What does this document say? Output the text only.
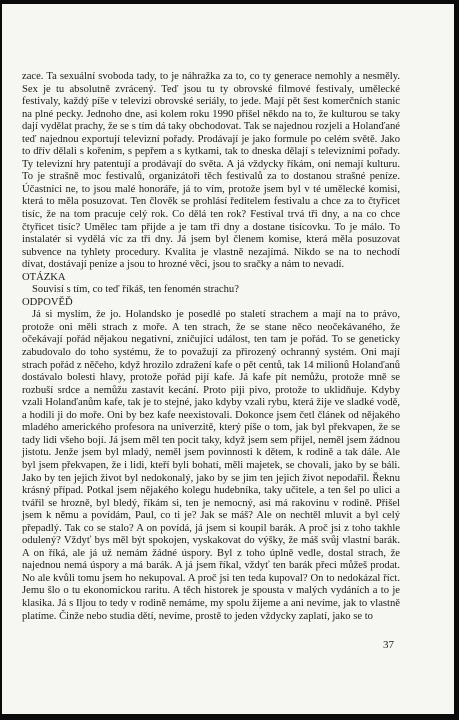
zace. Ta sexuální svoboda tady, to je náhražka za to, co ty generace nemohly a nesměly. Sex je tu absolutně zvrácený. Teď jsou tu ty obrovské filmové festivaly, umělecké festivaly, každý píše v televizi obrovské seriály, to jede. Mají pět šest komerčních stanic na plné pecky. Jednoho dne, asi kolem roku 1990 přišel někdo na to, že kulturou se taky dají vydělat prachy, že se s tím dá taky obchodovat. Tak se najednou rozjeli a Holanďané teď najednou exportují televizní pořady. Prodávají je jako formule po celém světě. Jako to dřív dělali s kořením, s pepřem a s kytkami, tak to dneska dělají s televizními pořady. Ty televizní hry patentují a prodávají do světa. A já vždycky říkám, oni nemají kulturu. To je strašně moc festivalů, organizátoři těch festivalů za to dostanou strašné peníze. Účastníci ne, to jsou malé honoráře, já to vím, protože jsem byl v té umělecké komisi, která to měla posuzovat. Ten člověk se prohlásí ředitelem festivalu a chce za to čtyřicet tisíc, že na tom pracuje celý rok. Co dělá ten rok? Festival trvá tři dny, a na co chce čtyřicet tisíc? Umělec tam přijde a je tam tři dny a dostane tisícovku. To je málo. To instalatér si vydělá víc za tři dny. Já jsem byl členem komise, která měla posuzovat subvence na tyhlety procedury. Kvalita je vlastně nezajímá. Nikdo se na to nechodí dívat, dostávají peníze a jsou to hrozné věci, jsou to sračky a nám to nevadí.

OTÁZKA

Souvisí s tím, co teď říkáš, ten fenomén strachu?

ODPOVĚĎ

Já si myslím, že jo. Holandsko je posedlé po staletí strachem a mají na to právo, protože oni měli strach z moře. A ten strach, že se stane něco neočekávaného, že očekávají pořád nějakou negativní, zničující událost, ten tam je pořád. To se geneticky zabudovalo do toho systému, že to považují za přirozený ochranný systém. Oni mají strach pořád z něčeho, když hrozilo zdražení kafe o pět centů, tak 14 milionů Holanďanů dostávalo bolesti hlavy, protože pořád pijí kafe. Já kafe pít nemůžu, protože mně se rozbuší srdce a nemůžu zastavit kecání. Proto piji pivo, protože to uklidňuje. Kdyby vzali Holanďanům kafe, tak je to stejné, jako kdyby vzali rybu, která žije ve sladké vodě, a hodili ji do moře. Oni by bez kafe neexistovali. Dokonce jsem četl článek od nějakého mladého amerického profesora na univerzitě, který píše o tom, jak byl překvapen, že se tady lidi všeho bojí. Já jsem měl ten pocit taky, když jsem sem přijel, neměl jsem žádnou jistotu. Jenže jsem byl mladý, neměl jsem povinnosti k dětem, k rodině a tak dále. Ale byl jsem překvapen, že i lidi, kteří byli bohatí, měli majetek, se chovali, jako by se báli. Jako by ten jejich život byl nedokonalý, jako by se jim ten jejich život nepodařil. Řeknu krásný případ. Potkal jsem nějakého kolegu hudebníka, taky učitele, a ten šel po ulici a tvářil se hrozně, byl bledý, říkám si, ten je nemocný, asi má rakovinu v rodině. Přišel jsem k němu a povídám, Paul, co ti je? Jak se máš? Ale on nechtěl mluvit a byl celý přepadlý. Tak co se stalo? A on povídá, já jsem si koupil barák. A proč jsi z toho takhle odulený? Vždyť bys měl být spokojen, vyskakovat do výšky, že máš svůj vlastní barák. A on říká, ale já už nemám žádné úspory. Byl z toho úplně vedle, dostal strach, že najednou nemá úspory a má barák. A já jsem říkal, vždyť ten barák přeci můžeš prodat. No ale kvůli tomu jsem ho nekupoval. A proč jsi ten teda kupoval? On to nedokázal říct. Jemu šlo o tu ekonomickou raritu. A těch historek je spousta v malých vydáních a to je klasika. Já s Iljou to tedy v rodině nemáme, my spolu žijeme a ani nevíme, jak to vlastně platíme. Činže nebo studia dětí, nevíme, prostě to jeden vždycky zaplatí, jako se to

37
